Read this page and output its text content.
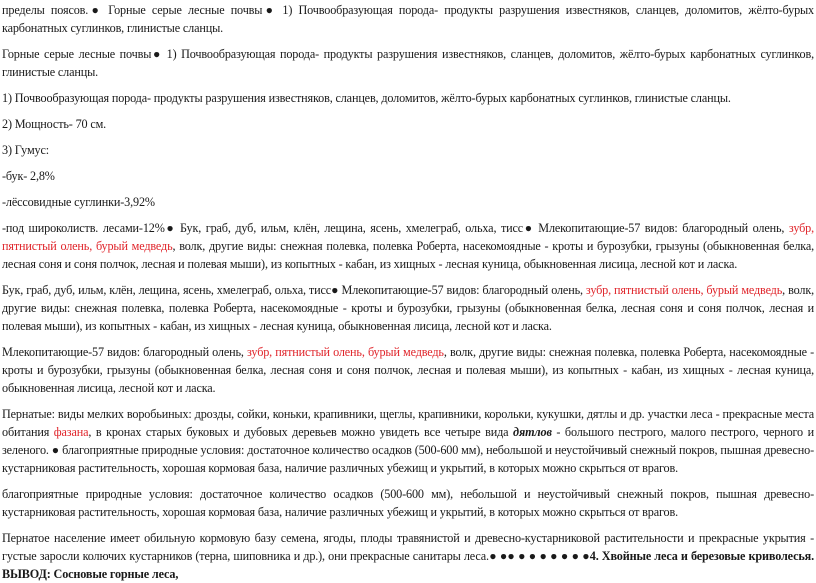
пределы поясов.● Горные серые лесные почвы● 1) Почвообразующая порода- продукты разрушения известняков, сланцев, доломитов, жёлто-бурых карбонатных суглинков, глинистые сланцы.

Горные серые лесные почвы● 1) Почвообразующая порода- продукты разрушения известняков, сланцев, доломитов, жёлто-бурых карбонатных суглинков, глинистые сланцы.

1) Почвообразующая порода- продукты разрушения известняков, сланцев, доломитов, жёлто-бурых карбонатных суглинков, глинистые сланцы.

2) Мощность- 70 см.

3) Гумус:

-бук- 2,8%

-лёссовидные суглинки-3,92%

-под широколиств. лесами-12%● Бук, граб, дуб, ильм, клён, лещина, ясень, хмелеграб, ольха, тисс● Млекопитающие-57 видов: благородный олень, зубр, пятнистый олень, бурый медведь, волк, другие виды: снежная полевка, полевка Роберта, насекомоядные - кроты и бурозубки, грызуны (обыкновенная белка, лесная соня и соня полчок, лесная и полевая мыши), из копытных - кабан, из хищных - лесная куница, обыкновенная лисица, лесной кот и ласка.

Бук, граб, дуб, ильм, клён, лещина, ясень, хмелеграб, ольха, тисс● Млекопитающие-57 видов: благородный олень, зубр, пятнистый олень, бурый медведь, волк, другие виды: снежная полевка, полевка Роберта, насекомоядные - кроты и бурозубки, грызуны (обыкновенная белка, лесная соня и соня полчок, лесная и полевая мыши), из копытных - кабан, из хищных - лесная куница, обыкновенная лисица, лесной кот и ласка.

Млекопитающие-57 видов: благородный олень, зубр, пятнистый олень, бурый медведь, волк, другие виды: снежная полевка, полевка Роберта, насекомоядные - кроты и бурозубки, грызуны (обыкновенная белка, лесная соня и соня полчок, лесная и полевая мыши), из копытных - кабан, из хищных - лесная куница, обыкновенная лисица, лесной кот и ласка.

Пернатые: виды мелких воробьиных: дрозды, сойки, коньки, крапивники, щеглы, крапивники, корольки, кукушки, дятлы и др. участки леса - прекрасные места обитания фазана, в кронах старых буковых и дубовых деревьев можно увидеть все четыре вида дятлов - большого пестрого, малого пестрого, черного и зеленого. ● благоприятные природные условия: достаточное количество осадков (500-600 мм), небольшой и неустойчивый снежный покров, пышная древесно-кустарниковая растительность, хорошая кормовая база, наличие различных убежищ и укрытий, в которых можно скрыться от врагов.

благоприятные природные условия: достаточное количество осадков (500-600 мм), небольшой и неустойчивый снежный покров, пышная древесно-кустарниковая растительность, хорошая кормовая база, наличие различных убежищ и укрытий, в которых можно скрыться от врагов.

Пернатое население имеет обильную кормовую базу семена, ягоды, плоды травянистой и древесно-кустарниковой растительности и прекрасные укрытия - густые заросли колючих кустарников (терна, шиповника и др.), они прекрасные санитары леса.● ●● ● ● ● ● ● ● ●4. Хвойные леса и березовые криволесья. ВЫВОД: Сосновые горные леса,
